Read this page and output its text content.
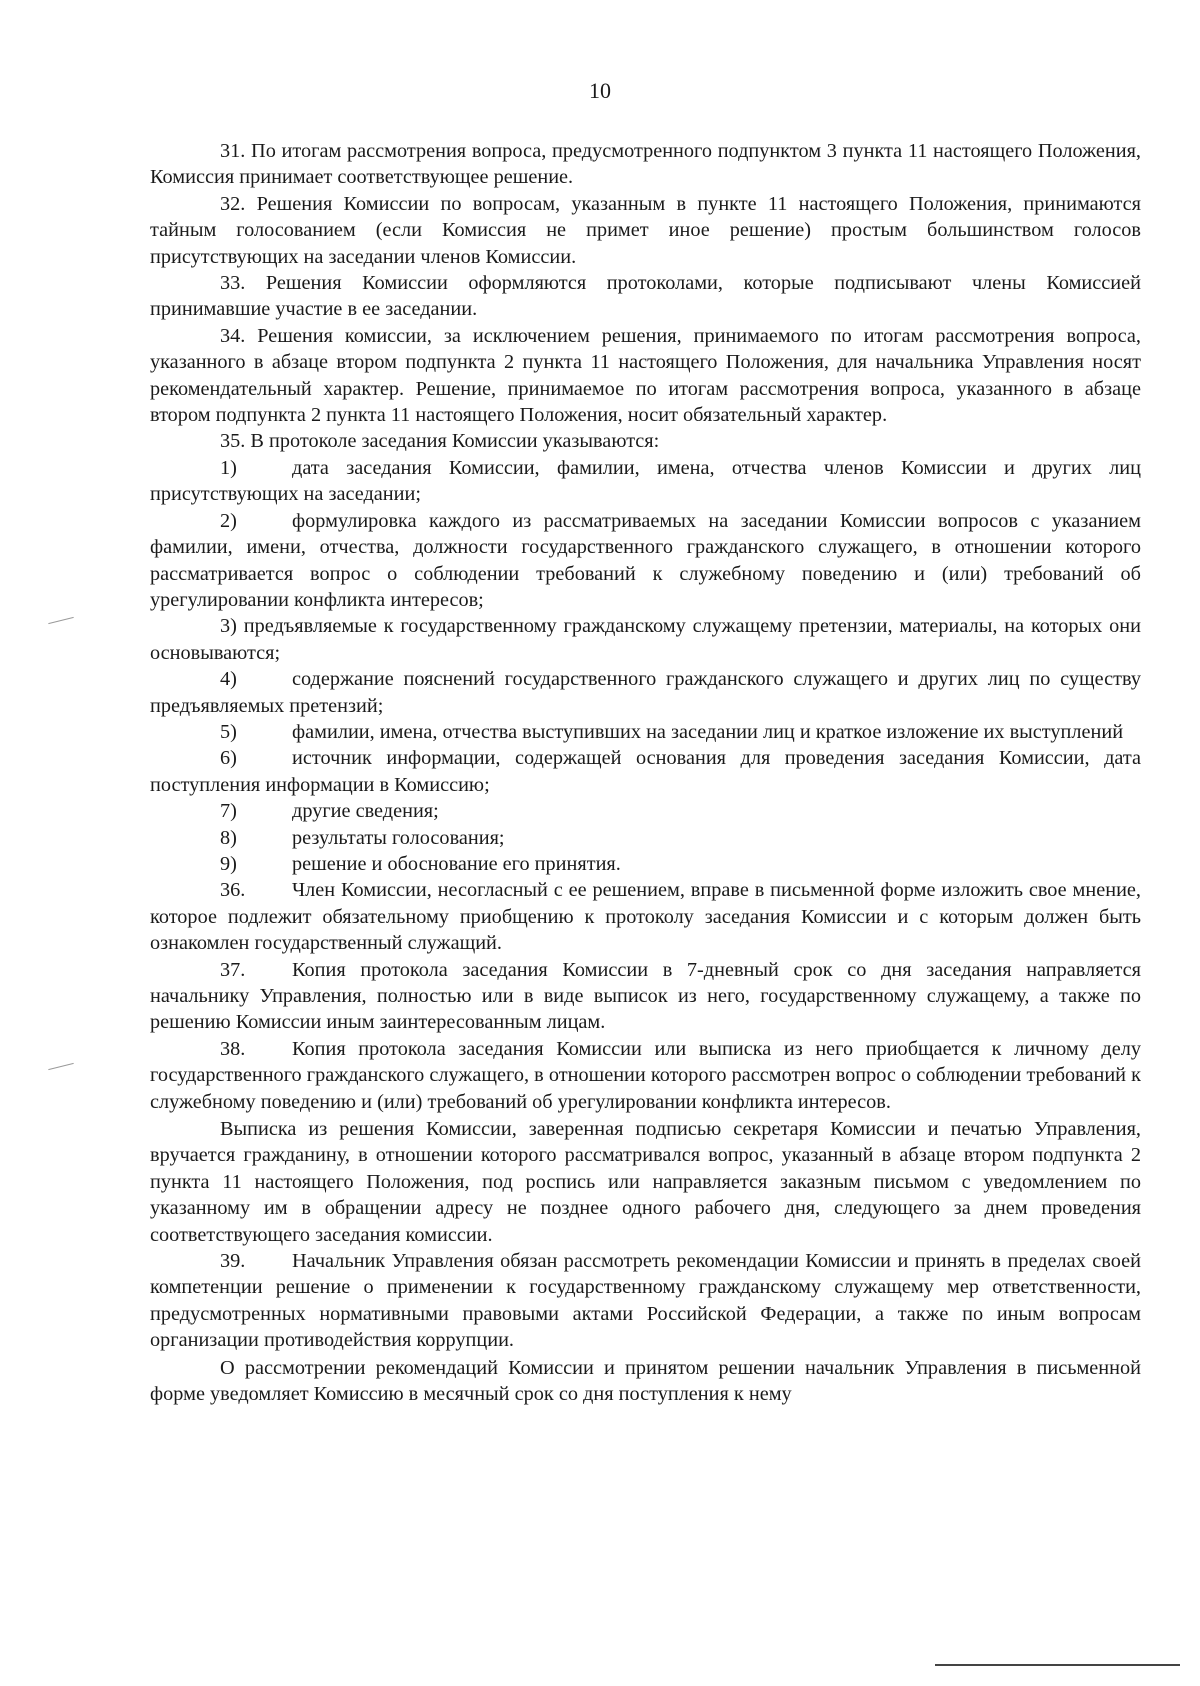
10

31. По итогам рассмотрения вопроса, предусмотренного подпунктом 3 пункта 11 настоящего Положения, Комиссия принимает соответствующее решение.

32. Решения Комиссии по вопросам, указанным в пункте 11 настоящего Положения, принимаются тайным голосованием (если Комиссия не примет иное решение) простым большинством голосов присутствующих на заседании членов Комиссии.

33. Решения Комиссии оформляются протоколами, которые подписывают члены Комиссией принимавшие участие в ее заседании.

34. Решения комиссии, за исключением решения, принимаемого по итогам рассмотрения вопроса, указанного в абзаце втором подпункта 2 пункта 11 настоящего Положения, для начальника Управления носят рекомендательный характер. Решение, принимаемое по итогам рассмотрения вопроса, указанного в абзаце втором подпункта 2 пункта 11 настоящего Положения, носит обязательный характер.

35. В протоколе заседания Комиссии указываются:

1)	дата заседания Комиссии, фамилии, имена, отчества членов Комиссии и других лиц присутствующих на заседании;

2)	формулировка каждого из рассматриваемых на заседании Комиссии вопросов с указанием фамилии, имени, отчества, должности государственного гражданского служащего, в отношении которого рассматривается вопрос о соблюдении требований к служебному поведению и (или) требований об урегулировании конфликта интересов;

3) предъявляемые к государственному гражданскому служащему претензии, материалы, на которых они основываются;

4)	содержание пояснений государственного гражданского служащего и других лиц по существу предъявляемых претензий;

5)	фамилии, имена, отчества выступивших на заседании лиц и краткое изложение их выступлений

6)	источник информации, содержащей основания для проведения заседания Комиссии, дата поступления информации в Комиссию;

7)	другие сведения;

8)	результаты голосования;

9)	решение и обоснование его принятия.

36. Член Комиссии, несогласный с ее решением, вправе в письменной форме изложить свое мнение, которое подлежит обязательному приобщению к протоколу заседания Комиссии и с которым должен быть ознакомлен государственный служащий.

37. Копия протокола заседания Комиссии в 7-дневный срок со дня заседания направляется начальнику Управления, полностью или в виде выписок из него, государственному служащему, а также по решению Комиссии иным заинтересованным лицам.

38. Копия протокола заседания Комиссии или выписка из него приобщается к личному делу государственного гражданского служащего, в отношении которого рассмотрен вопрос о соблюдении требований к служебному поведению и (или) требований об урегулировании конфликта интересов.

Выписка из решения Комиссии, заверенная подписью секретаря Комиссии и печатью Управления, вручается гражданину, в отношении которого рассматривался вопрос, указанный в абзаце втором подпункта 2 пункта 11 настоящего Положения, под роспись или направляется заказным письмом с уведомлением по указанному им в обращении адресу не позднее одного рабочего дня, следующего за днем проведения соответствующего заседания комиссии.

39. Начальник Управления обязан рассмотреть рекомендации Комиссии и принять в пределах своей компетенции решение о применении к государственному гражданскому служащему мер ответственности, предусмотренных нормативными правовыми актами Российской Федерации, а также по иным вопросам организации противодействия коррупции.

О рассмотрении рекомендаций Комиссии и принятом решении начальник Управления в письменной форме уведомляет Комиссию в месячный срок со дня поступления к нему
